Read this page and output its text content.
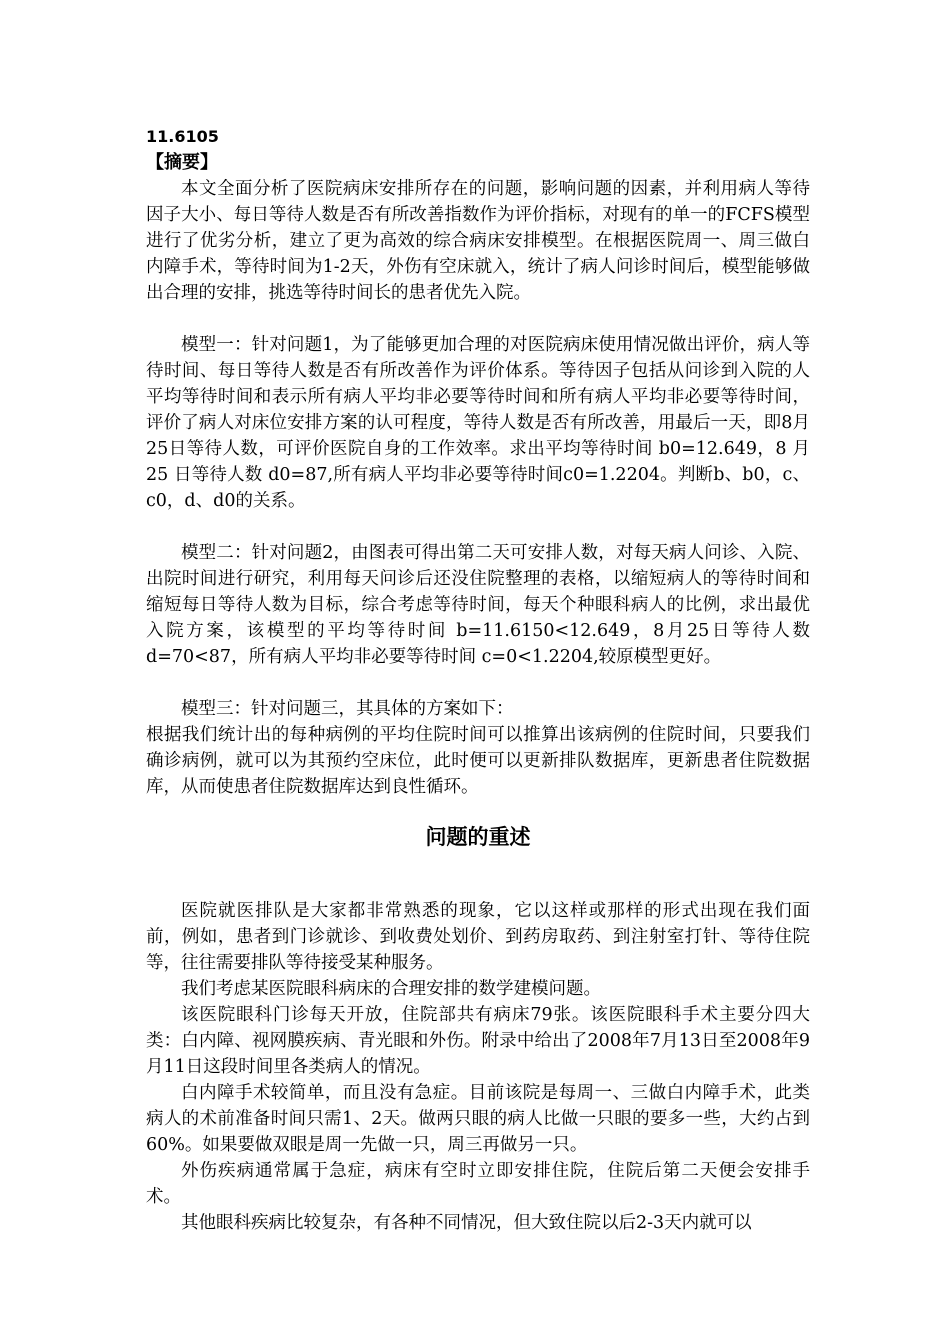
11.6105
【摘要】

本文全面分析了医院病床安排所存在的问题，影响问题的因素，并利用病人等待因子大小、每日等待人数是否有所改善指数作为评价指标，对现有的单一的FCFS模型进行了优劣分析，建立了更为高效的综合病床安排模型。在根据医院周一、周三做白内障手术，等待时间为1-2天，外伤有空床就入，统计了病人问诊时间后，模型能够做出合理的安排，挑选等待时间长的患者优先入院。

模型一：针对问题1，为了能够更加合理的对医院病床使用情况做出评价，病人等待时间、每日等待人数是否有所改善作为评价体系。等待因子包括从问诊到入院的人平均等待时间和表示所有病人平均非必要等待时间和所有病人平均非必要等待时间，评价了病人对床位安排方案的认可程度，等待人数是否有所改善，用最后一天，即8月25日等待人数，可评价医院自身的工作效率。求出平均等待时间 b0=12.649，8 月 25 日等待人数 d0=87,所有病人平均非必要等待时间c0=1.2204。判断b、b0，c、c0，d、d0的关系。

模型二：针对问题2，由图表可得出第二天可安排人数，对每天病人问诊、入院、出院时间进行研究，利用每天问诊后还没住院整理的表格，以缩短病人的等待时间和缩短每日等待人数为目标，综合考虑等待时间，每天个种眼科病人的比例，求出最优入院方案，该模型的平均等待时间 b=11.6150<12.649，8月25日等待人数 d=70<87，所有病人平均非必要等待时间 c=0<1.2204,较原模型更好。

模型三：针对问题三，其具体的方案如下：

根据我们统计出的每种病例的平均住院时间可以推算出该病例的住院时间，只要我们确诊病例，就可以为其预约空床位，此时便可以更新排队数据库，更新患者住院数据库，从而使患者住院数据库达到良性循环。

问题的重述

医院就医排队是大家都非常熟悉的现象，它以这样或那样的形式出现在我们面前，例如，患者到门诊就诊、到收费处划价、到药房取药、到注射室打针、等待住院等，往往需要排队等待接受某种服务。

我们考虑某医院眼科病床的合理安排的数学建模问题。

该医院眼科门诊每天开放，住院部共有病床79张。该医院眼科手术主要分四大类：白内障、视网膜疾病、青光眼和外伤。附录中给出了2008年7月13日至2008年9月11日这段时间里各类病人的情况。

白内障手术较简单，而且没有急症。目前该院是每周一、三做白内障手术，此类病人的术前准备时间只需1、2天。做两只眼的病人比做一只眼的要多一些，大约占到60%。如果要做双眼是周一先做一只，周三再做另一只。

外伤疾病通常属于急症，病床有空时立即安排住院，住院后第二天便会安排手术。

其他眼科疾病比较复杂，有各种不同情况，但大致住院以后2-3天内就可以
